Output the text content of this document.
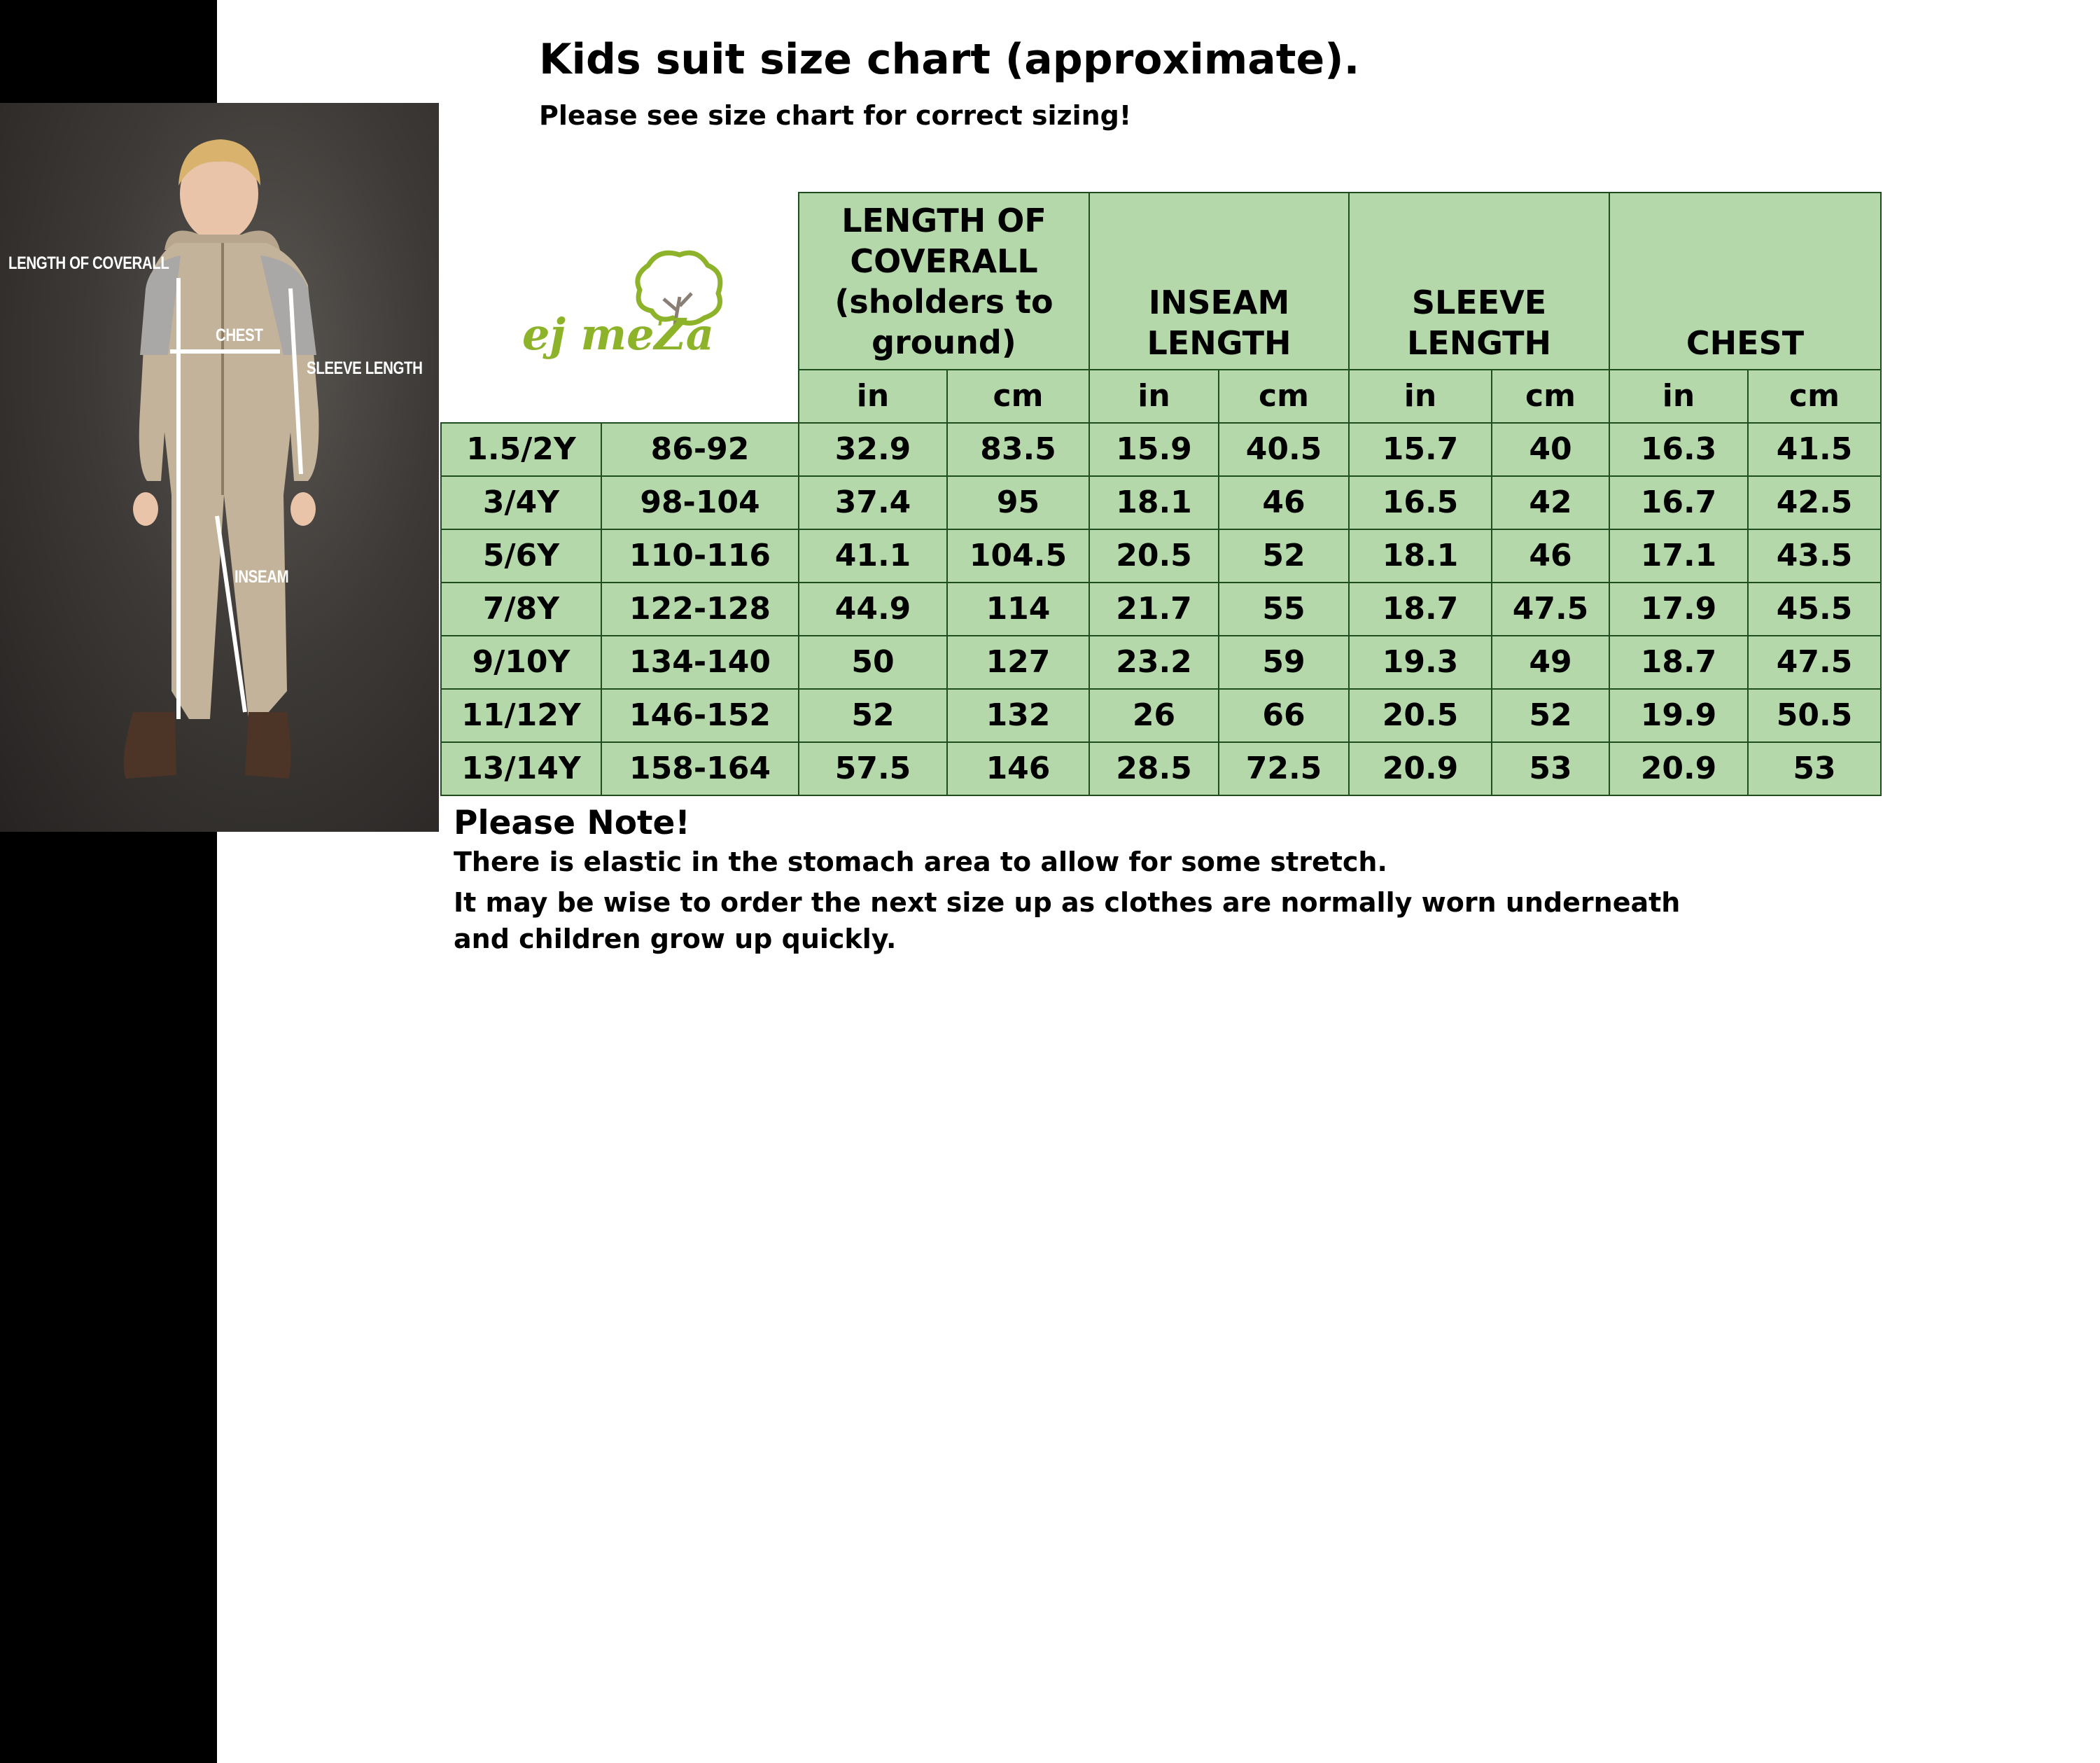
LENGTH OF COVERALL
CHEST
SLEEVE LENGTH
INSEAM
Kids suit size chart (approximate).
Please see size chart for correct sizing!
ej meZa		LENGTH OF COVERALL (sholders to ground)		INSEAM LENGTH		SLEEVE LENGTH		CHEST	
		in	cm	in	cm	in	cm	in	cm
1.5/2Y	86-92	32.9	83.5	15.9	40.5	15.7	40	16.3	41.5
3/4Y	98-104	37.4	95	18.1	46	16.5	42	16.7	42.5
5/6Y	110-116	41.1	104.5	20.5	52	18.1	46	17.1	43.5
7/8Y	122-128	44.9	114	21.7	55	18.7	47.5	17.9	45.5
9/10Y	134-140	50	127	23.2	59	19.3	49	18.7	47.5
11/12Y	146-152	52	132	26	66	20.5	52	19.9	50.5
13/14Y	158-164	57.5	146	28.5	72.5	20.9	53	20.9	53

Please Note!

There is elastic in the stomach area to allow for some stretch.

It may be wise to order the next size up as clothes are normally worn underneath

and children grow up quickly.
